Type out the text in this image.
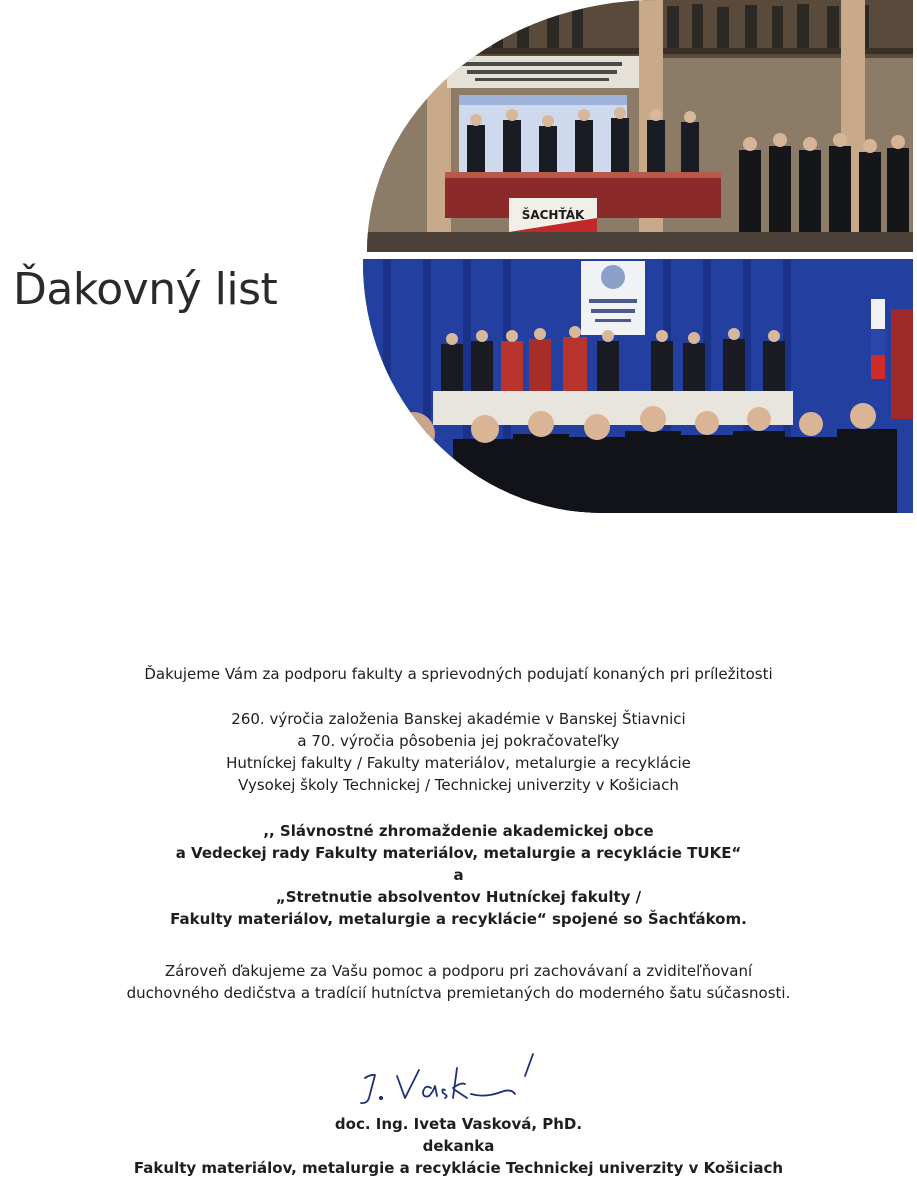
ŠACHŤÁK
Ďakovný list

Ďakujeme Vám za podporu fakulty a sprievodných podujatí konaných pri príležitosti

260. výročia založenia Banskej akadémie v Banskej Štiavnici

a 70. výročia pôsobenia jej pokračovateľky

Hutníckej fakulty / Fakulty materiálov, metalurgie a recyklácie

Vysokej školy Technickej / Technickej univerzity v Košiciach

,, Slávnostné zhromaždenie akademickej obce

a Vedeckej rady Fakulty materiálov, metalurgie a recyklácie TUKE“

a

„Stretnutie absolventov Hutníckej fakulty /

Fakulty materiálov, metalurgie a recyklácie“ spojené so Šachťákom.

Zároveň ďakujeme za Vašu pomoc a podporu pri zachovávaní a zviditeľňovaní

duchovného dedičstva a tradícií hutníctva premietaných do moderného šatu súčasnosti.

doc. Ing. Iveta Vasková, PhD.

dekanka

Fakulty materiálov, metalurgie a recyklácie Technickej univerzity v Košiciach
